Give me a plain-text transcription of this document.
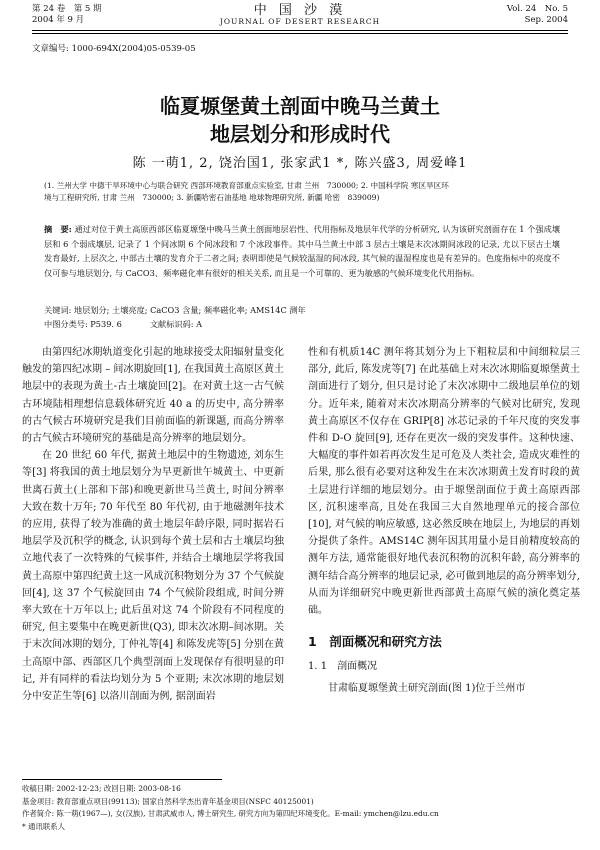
第 24 卷　第 5 期
2004 年 9 月
中 国 沙 漠
JOURNAL OF DESERT RESEARCH
Vol. 24　No. 5
Sep. 2004
文章编号: 1000-694X(2004)05-0539-05
临夏塬堡黄土剖面中晚马兰黄土
地层划分和形成时代
陈 一萌1, 2, 饶治国1, 张家武1 *, 陈兴盛3, 周爱峰1
(1. 兰州大学 中德干旱环境中心与联合研究 西部环境教育部重点实验室, 甘肃 兰州　730000; 2. 中国科学院 寒区旱区环
境与工程研究所, 甘肃 兰州　730000; 3. 新疆哈密石油基地 地球物理研究所, 新疆 哈密　839009)
摘　要: 通过对位于黄土高原西部区临夏塬堡中晚马兰黄土剖面地层岩性、代用指标及地层年代学的分析研究, 认为该研究剖面存在 1 个强成壤层和 6 个弱成壤层, 记录了 1 个间冰期 6 个间冰段和 7 个冰段事件。其中马兰黄土中部 3 层古土壤是末次冰期间冰段的记录, 尤以下层古土壤发育最好, 上层次之, 中部古土壤的发育介于二者之间; 表明即使是气候较温湿的间冰段, 其气候的温湿程度也是有差异的。色度指标中的亮度不仅可参与地层划分, 与 CaCO3、频率磁化率有很好的相关关系, 而且是一个可靠的、更为敏感的气候环境变化代用指标。
关键词: 地层划分; 土壤亮度; CaCO3 含量; 频率磁化率; AMS14C 测年
中图分类号: P539. 6	文献标识码: A

由第四纪冰期轨道变化引起的地球接受太阳辐射量变化触发的第四纪冰期 – 间冰期旋回[1], 在我国黄土高原区黄土地层中的表现为黄土-古土壤旋回[2]。在对黄土这一古气候古环境陆相理想信息载体研究近 40 a 的历史中, 高分辨率的古气候古环境研究是我们目前面临的新课题, 而高分辨率的古气候古环境研究的基础是高分辨率的地层划分。

在 20 世纪 60 年代, 据黄土地层中的生物遗迹, 刘东生等[3] 将我国的黄土地层划分为早更新世午城黄土、中更新世离石黄土(上部和下部)和晚更新世马兰黄土, 时间分辨率大致在数十万年; 70 年代至 80 年代初, 由于地磁测年技术的应用, 获得了较为准确的黄土地层年龄序限, 同时据岩石地层学及沉积学的概念, 认识到每个黄土层和古土壤层均独立地代表了一次特殊的气候事件, 并结合土壤地层学将我国黄土高原中第四纪黄土这一风成沉积物划分为 37 个气候旋回[4], 这 37 个气候旋回由 74 个气候阶段组成, 时间分辨率大致在十万年以上; 此后虽对这 74 个阶段有不同程度的研究, 但主要集中在晚更新世(Q3), 即末次冰期–间冰期。关于末次间冰期的划分, 丁仲礼等[4] 和陈发虎等[5] 分别在黄土高原中部、西部区几个典型剖面上发现保存有很明显的印记, 并有同样的看法均划分为 5 个亚期; 末次冰期的地层划分中安芷生等[6] 以洛川剖面为例, 据剖面岩

性和有机质14C 测年将其划分为上下粗粒层和中间细粒层三部分, 此后, 陈发虎等[7] 在此基础上对末次冰期临夏塬堡黄土剖面进行了划分, 但只是讨论了末次冰期中二级地层单位的划分。近年来, 随着对末次冰期高分辨率的气候对比研究, 发现黄土高原区不仅存在 GRIP[8] 冰芯记录的千年尺度的突发事件和 D-O 旋回[9], 还存在更次一级的突发事件。这种快速、大幅度的事件如若再次发生足可危及人类社会, 造成灾难性的后果, 那么很有必要对这种发生在末次冰期黄土发育时段的黄土层进行详细的地层划分。由于塬堡剖面位于黄土高原西部区, 沉积速率高, 且处在我国三大自然地理单元的接合部位[10], 对气候的响应敏感, 这必然反映在地层上, 为地层的再划分提供了条件。AMS14C 测年因其用量小是目前精度较高的测年方法, 通常能很好地代表沉积物的沉积年龄, 高分辨率的测年结合高分辨率的地层记录, 必可做到地层的高分辨率划分, 从而为详细研究中晚更新世西部黄土高原气候的演化奠定基础。

1　剖面概况和研究方法
1. 1　剖面概况

甘肃临夏塬堡黄土研究剖面(图 1)位于兰州市

收稿日期: 2002-12-23; 改回日期: 2003-08-16
基金项目: 教育部重点项目(99113); 国家自然科学杰出青年基金项目(NSFC 40125001)
作者简介: 陈一萌(1967—), 女(汉族), 甘肃武威市人, 博士研究生, 研究方向为第四纪环境变化。E-mail: ymchen@lzu.edu.cn
* 通讯联系人
